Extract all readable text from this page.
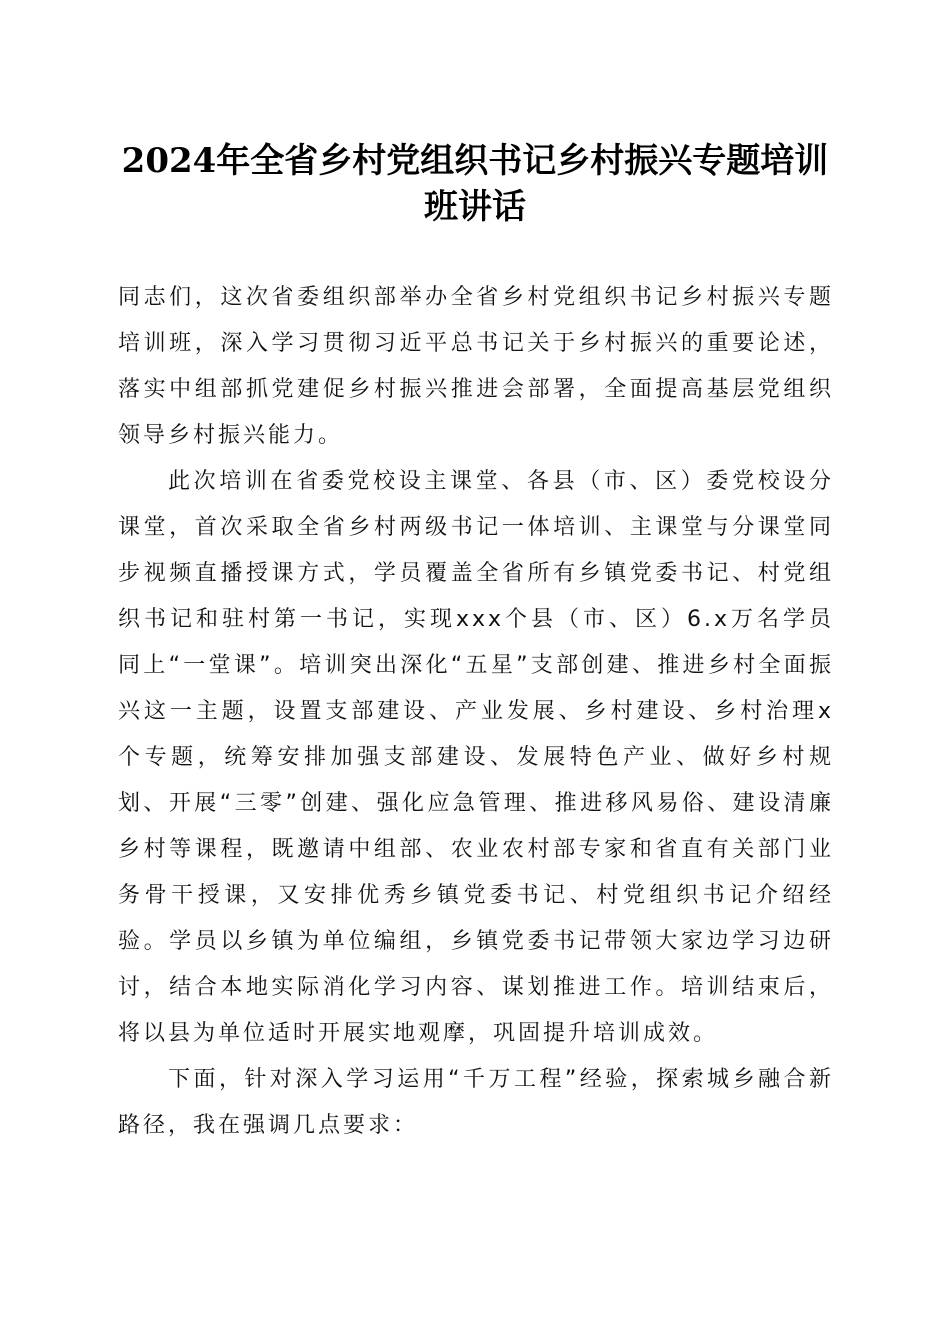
2024年全省乡村党组织书记乡村振兴专题培训班讲话

同志们，这次省委组织部举办全省乡村党组织书记乡村振兴专题培训班，深入学习贯彻习近平总书记关于乡村振兴的重要论述，落实中组部抓党建促乡村振兴推进会部署，全面提高基层党组织领导乡村振兴能力。

此次培训在省委党校设主课堂、各县（市、区）委党校设分课堂，首次采取全省乡村两级书记一体培训、主课堂与分课堂同步视频直播授课方式，学员覆盖全省所有乡镇党委书记、村党组织书记和驻村第一书记，实现xxx个县（市、区）6.x万名学员同上“一堂课”。培训突出深化“五星”支部创建、推进乡村全面振兴这一主题，设置支部建设、产业发展、乡村建设、乡村治理x个专题，统筹安排加强支部建设、发展特色产业、做好乡村规划、开展“三零”创建、强化应急管理、推进移风易俗、建设清廉乡村等课程，既邀请中组部、农业农村部专家和省直有关部门业务骨干授课，又安排优秀乡镇党委书记、村党组织书记介绍经验。学员以乡镇为单位编组，乡镇党委书记带领大家边学习边研讨，结合本地实际消化学习内容、谋划推进工作。培训结束后，将以县为单位适时开展实地观摩，巩固提升培训成效。

下面，针对深入学习运用“千万工程”经验，探索城乡融合新路径，我在强调几点要求：
